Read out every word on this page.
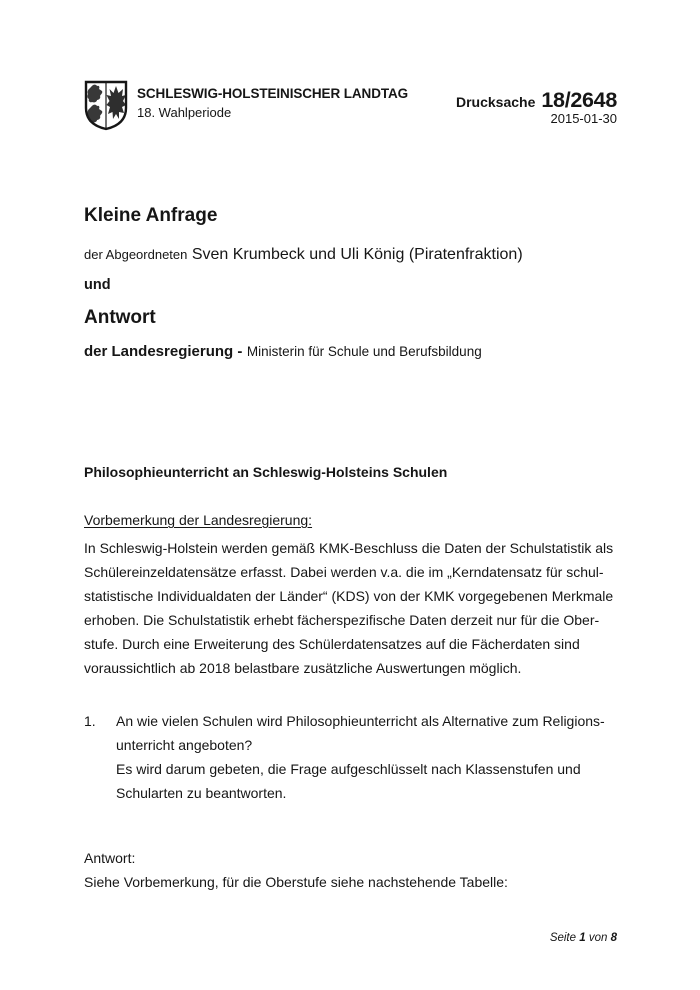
SCHLESWIG-HOLSTEINISCHER LANDTAG
18. Wahlperiode
Drucksache 18/2648
2015-01-30
Kleine Anfrage
der Abgeordneten Sven Krumbeck und Uli König (Piratenfraktion)
und
Antwort
der Landesregierung - Ministerin für Schule und Berufsbildung
Philosophieunterricht an Schleswig-Holsteins Schulen
Vorbemerkung der Landesregierung:
In Schleswig-Holstein werden gemäß KMK-Beschluss die Daten der Schulstatistik als
Schülereinzeldatensätze erfasst. Dabei werden v.a. die im „Kerndatensatz für schul-
statistische Individualdaten der Länder“ (KDS) von der KMK vorgegebenen Merkmale
erhoben. Die Schulstatistik erhebt fächerspezifische Daten derzeit nur für die Ober-
stufe. Durch eine Erweiterung des Schülerdatensatzes auf die Fächerdaten sind
voraussichtlich ab 2018 belastbare zusätzliche Auswertungen möglich.
1. An wie vielen Schulen wird Philosophieunterricht als Alternative zum Religions-
unterricht angeboten?
Es wird darum gebeten, die Frage aufgeschlüsselt nach Klassenstufen und
Schularten zu beantworten.
Antwort:
Siehe Vorbemerkung, für die Oberstufe siehe nachstehende Tabelle:
Seite 1 von 8
